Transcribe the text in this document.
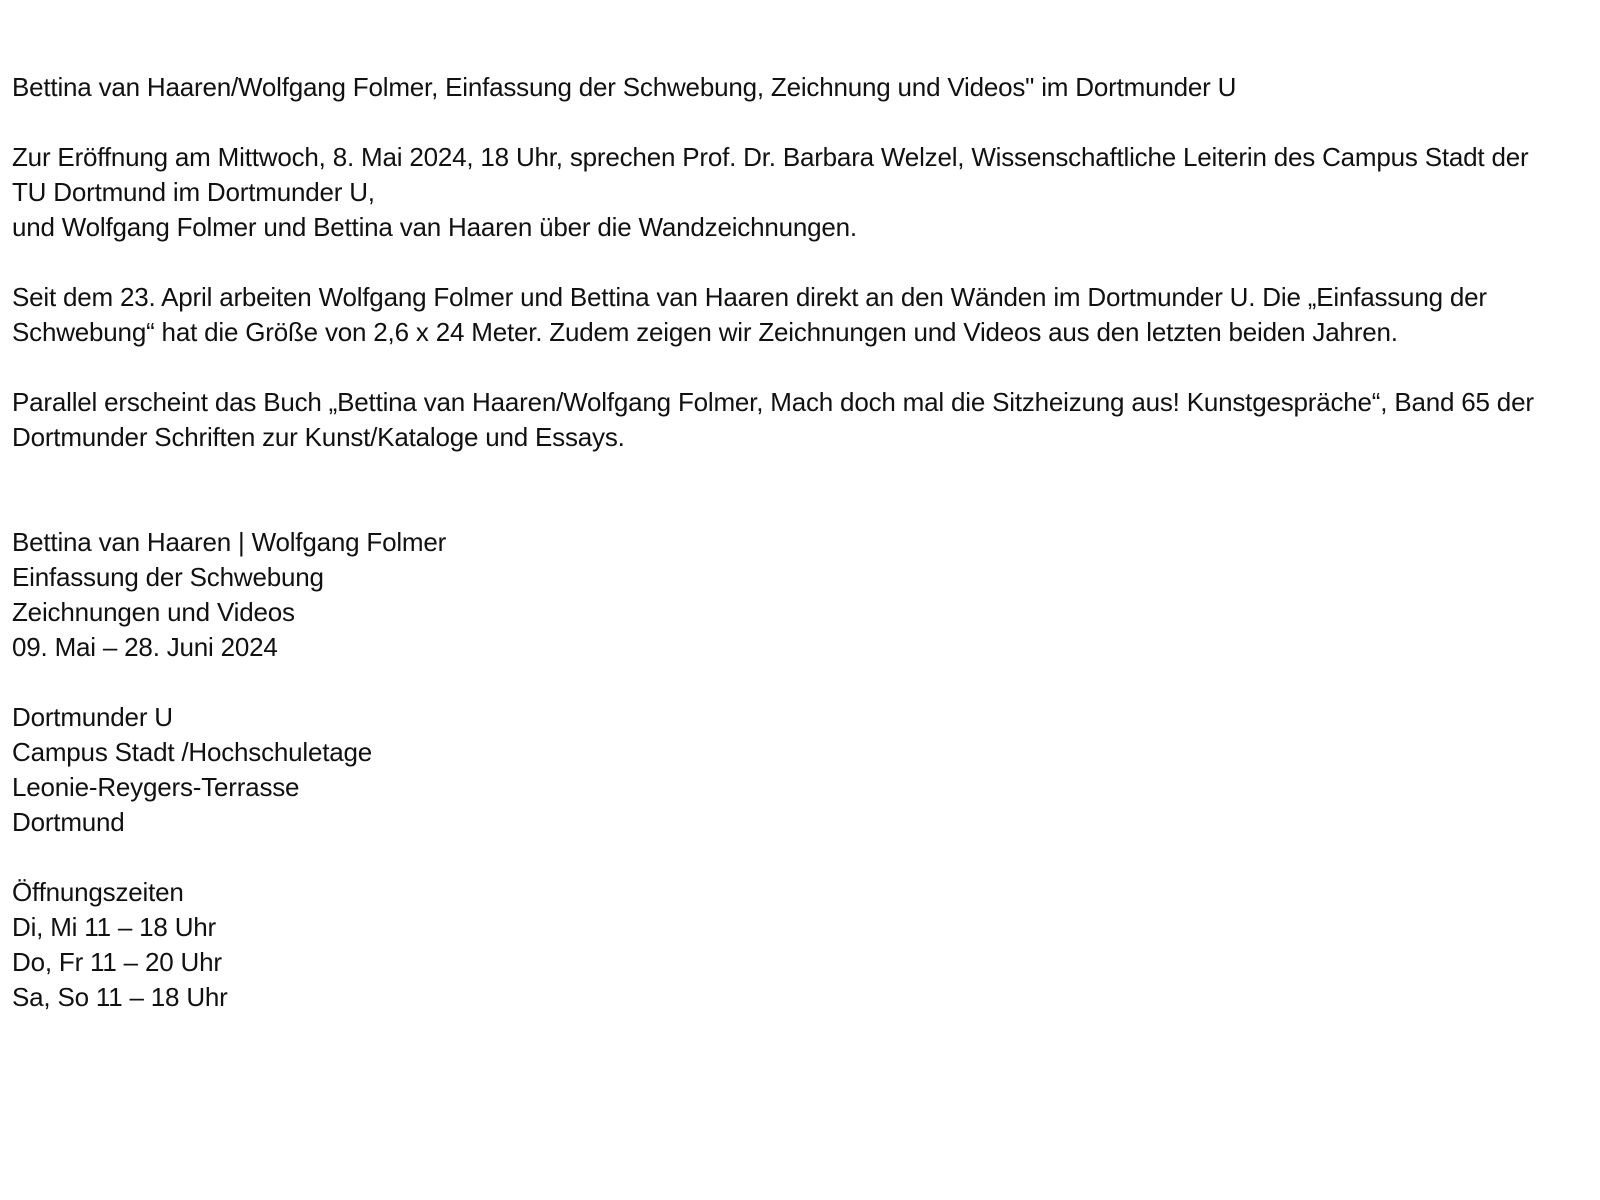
Bettina van Haaren/Wolfgang Folmer, Einfassung der Schwebung, Zeichnung und Videos" im Dortmunder U
Zur Eröffnung am Mittwoch, 8. Mai 2024, 18 Uhr, sprechen Prof. Dr. Barbara Welzel, Wissenschaftliche Leiterin des Campus Stadt der
TU Dortmund im Dortmunder U,
und Wolfgang Folmer und Bettina van Haaren über die Wandzeichnungen.
Seit dem 23. April arbeiten Wolfgang Folmer und Bettina van Haaren direkt an den Wänden im Dortmunder U. Die „Einfassung der
Schwebung“ hat die Größe von 2,6 x 24 Meter. Zudem zeigen wir Zeichnungen und Videos aus den letzten beiden Jahren.
Parallel erscheint das Buch „Bettina van Haaren/Wolfgang Folmer, Mach doch mal die Sitzheizung aus! Kunstgespräche“, Band 65 der
Dortmunder Schriften zur Kunst/Kataloge und Essays.
Bettina van Haaren | Wolfgang Folmer
Einfassung der Schwebung
Zeichnungen und Videos
09. Mai – 28. Juni 2024
Dortmunder U
Campus Stadt /Hochschuletage
Leonie-Reygers-Terrasse
Dortmund
Öffnungszeiten
Di, Mi 11 – 18 Uhr
Do, Fr 11 – 20 Uhr
Sa, So 11 – 18 Uhr
